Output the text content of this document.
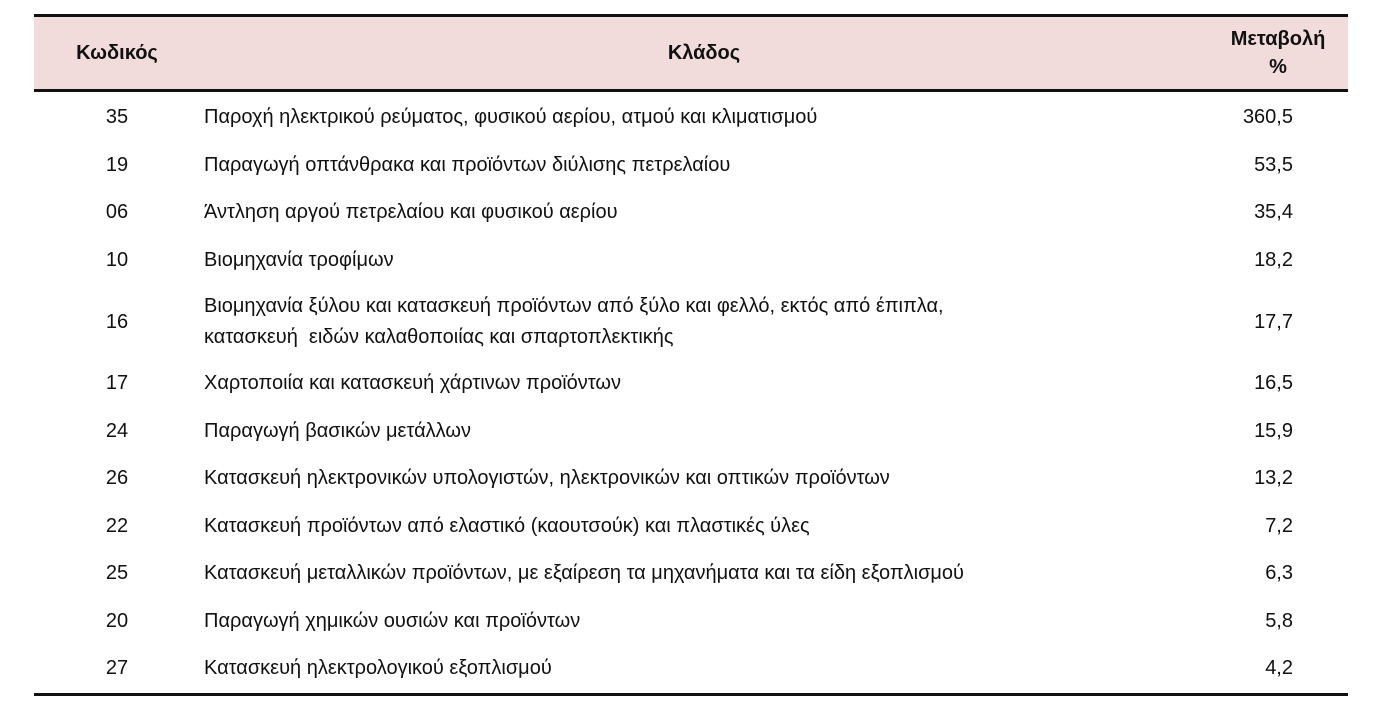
Κωδικός	Κλάδος	Μεταβολή
%

35	Παροχή ηλεκτρικού ρεύματος, φυσικού αερίου, ατμού και κλιματισμού	360,5
19	Παραγωγή οπτάνθρακα και προϊόντων διύλισης πετρελαίου	53,5
06	Άντληση αργού πετρελαίου και φυσικού αερίου	35,4
10	Βιομηχανία τροφίμων	18,2
16	Βιομηχανία ξύλου και κατασκευή προϊόντων από ξύλο και φελλό, εκτός από έπιπλα,
κατασκευή  ειδών καλαθοποιίας και σπαρτοπλεκτικής	17,7
17	Χαρτοποιία και κατασκευή χάρτινων προϊόντων	16,5
24	Παραγωγή βασικών μετάλλων	15,9
26	Κατασκευή ηλεκτρονικών υπολογιστών, ηλεκτρονικών και οπτικών προϊόντων	13,2
22	Κατασκευή προϊόντων από ελαστικό (καουτσούκ) και πλαστικές ύλες	7,2
25	Κατασκευή μεταλλικών προϊόντων, με εξαίρεση τα μηχανήματα και τα είδη εξοπλισμού	6,3
20	Παραγωγή χημικών ουσιών και προϊόντων	5,8
27	Κατασκευή ηλεκτρολογικού εξοπλισμού	4,2
